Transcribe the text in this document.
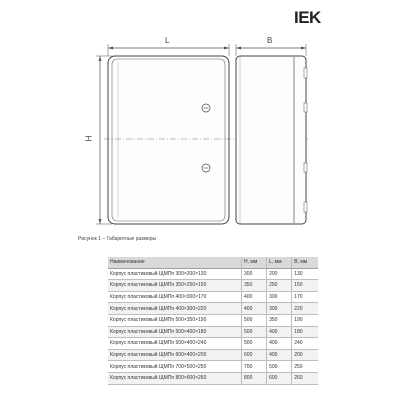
IEK
L	B
H
Рисунок 1 – Габаритные размеры
Наименование	H, мм	L, мм	B, мм
Корпус пластиковый ЩМПп 300×200×130	300	200	130
Корпус пластиковый ЩМПп 350×250×150	350	250	150
Корпус пластиковый ЩМПп 400×300×170	400	300	170
Корпус пластиковый ЩМПп 400×300×220	400	300	220
Корпус пластиковый ЩМПп 500×350×190	500	350	190
Корпус пластиковый ЩМПп 500×400×180	500	400	180
Корпус пластиковый ЩМПп 500×400×240	500	400	240
Корпус пластиковый ЩМПп 600×400×200	600	400	200
Корпус пластиковый ЩМПп 700×500×250	700	500	250
Корпус пластиковый ЩМПп 800×600×260	800	600	260
